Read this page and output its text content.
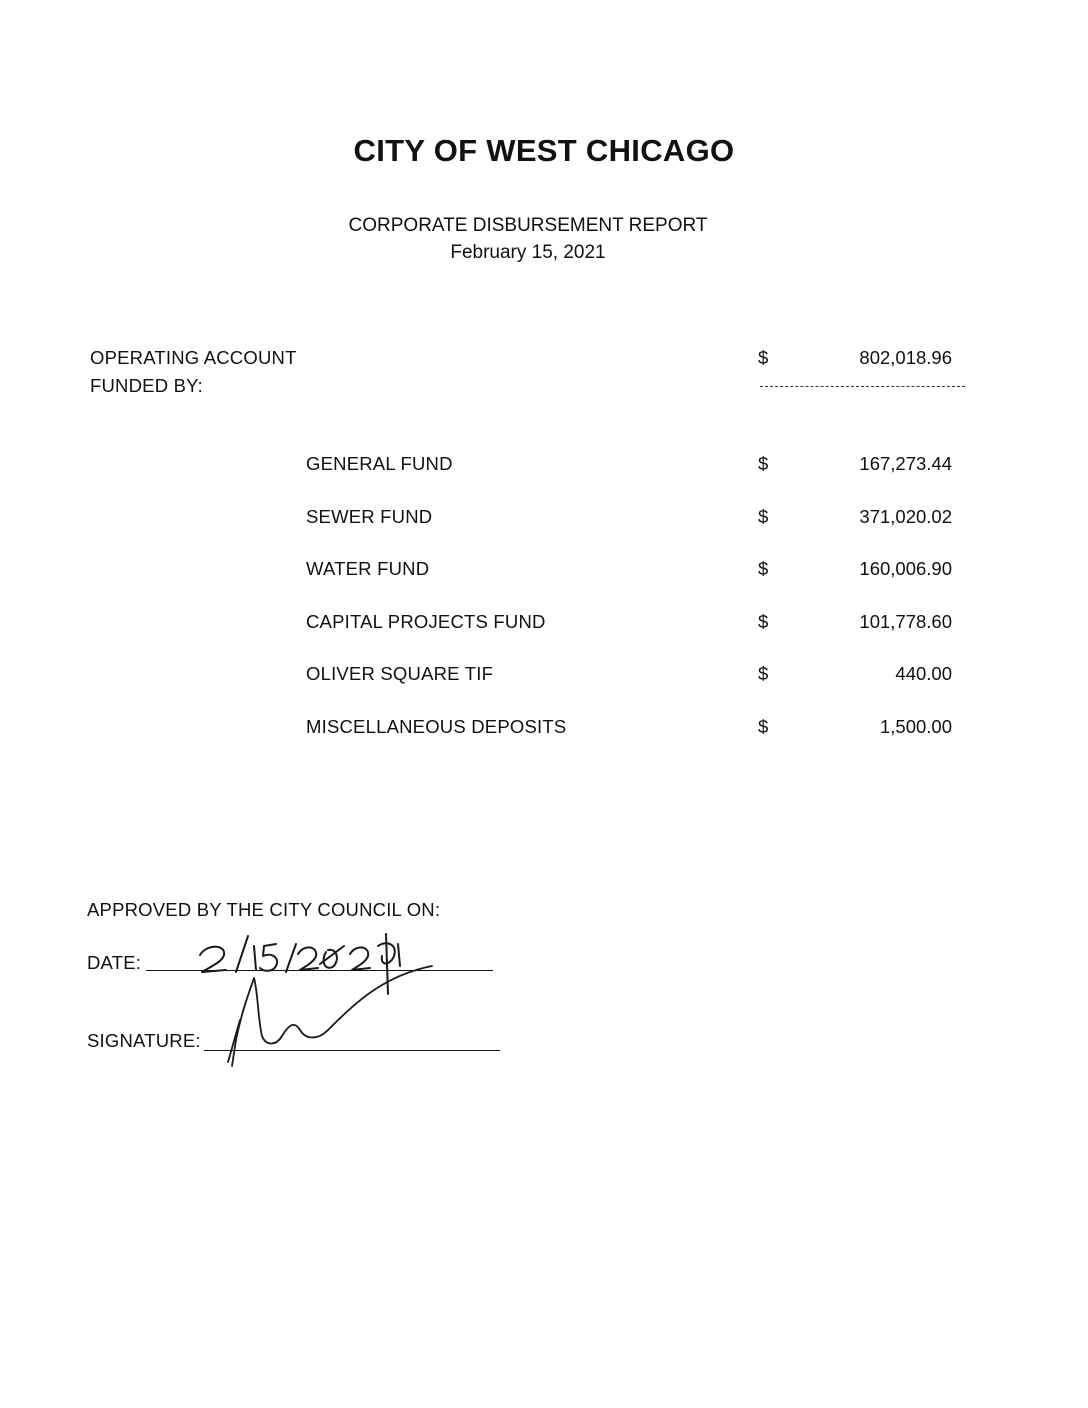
CITY OF WEST CHICAGO
CORPORATE DISBURSEMENT REPORT
February 15, 2021
OPERATING ACCOUNT	$	802,018.96
FUNDED BY:
GENERAL FUND	$	167,273.44
SEWER FUND	$	371,020.02
WATER FUND	$	160,006.90
CAPITAL PROJECTS FUND	$	101,778.60
OLIVER SQUARE TIF	$	440.00
MISCELLANEOUS DEPOSITS	$	1,500.00
APPROVED BY THE CITY COUNCIL ON:
DATE:
SIGNATURE:
